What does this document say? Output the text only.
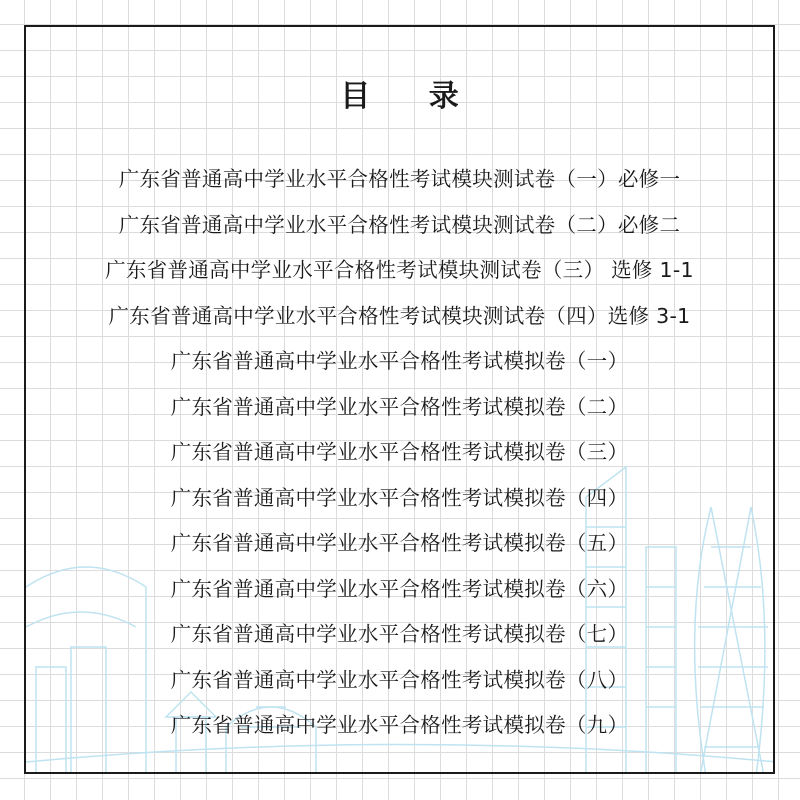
目 录
广东省普通高中学业水平合格性考试模块测试卷（一）必修一
广东省普通高中学业水平合格性考试模块测试卷（二）必修二
广东省普通高中学业水平合格性考试模块测试卷（三） 选修 1-1
广东省普通高中学业水平合格性考试模块测试卷（四）选修 3-1
广东省普通高中学业水平合格性考试模拟卷（一）
广东省普通高中学业水平合格性考试模拟卷（二）
广东省普通高中学业水平合格性考试模拟卷（三）
广东省普通高中学业水平合格性考试模拟卷（四）
广东省普通高中学业水平合格性考试模拟卷（五）
广东省普通高中学业水平合格性考试模拟卷（六）
广东省普通高中学业水平合格性考试模拟卷（七）
广东省普通高中学业水平合格性考试模拟卷（八）
广东省普通高中学业水平合格性考试模拟卷（九）
